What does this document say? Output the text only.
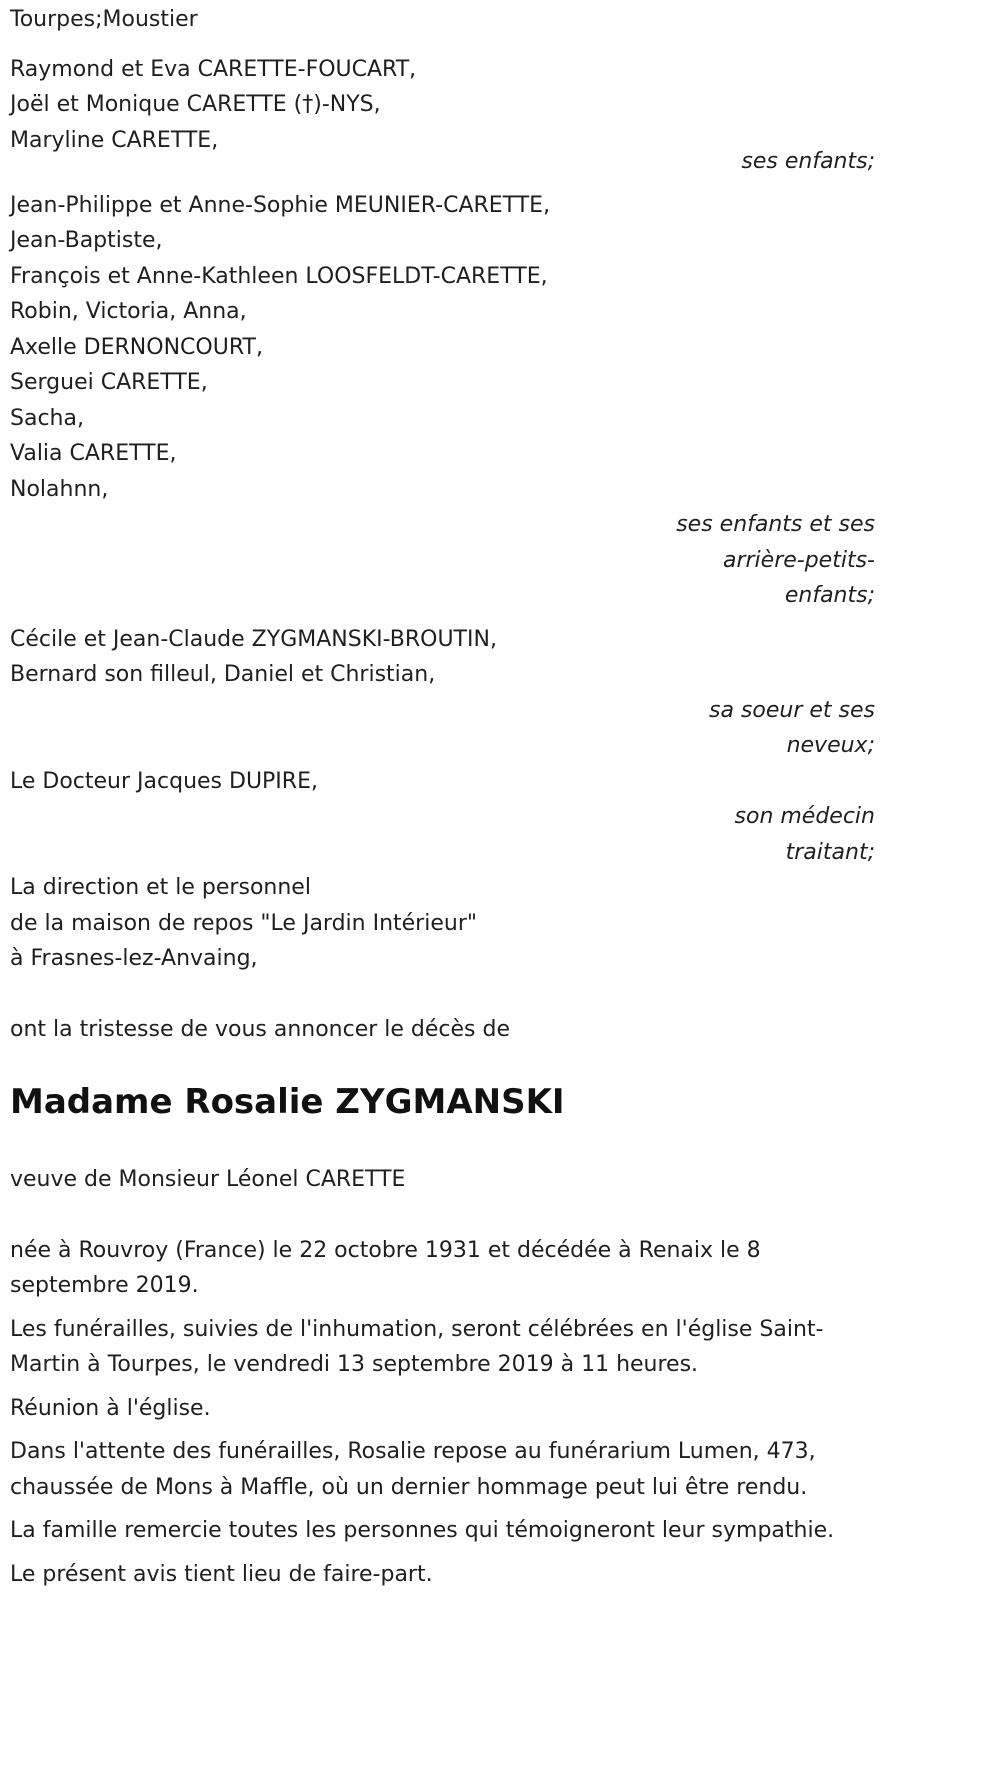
Tourpes;Moustier
Raymond et Eva CARETTE-FOUCART,
Joël et Monique CARETTE (†)-NYS,
Maryline CARETTE,
ses enfants;
Jean-Philippe et Anne-Sophie MEUNIER-CARETTE,
Jean-Baptiste,
François et Anne-Kathleen LOOSFELDT-CARETTE,
Robin, Victoria, Anna,
Axelle DERNONCOURT,
Serguei CARETTE,
Sacha,
Valia CARETTE,
Nolahnn,
ses enfants et ses
arrière-petits-
enfants;
Cécile et Jean-Claude ZYGMANSKI-BROUTIN,
Bernard son filleul, Daniel et Christian,
sa soeur et ses
neveux;
Le Docteur Jacques DUPIRE,
son médecin
traitant;
La direction et le personnel
de la maison de repos "Le Jardin Intérieur"
à Frasnes-lez-Anvaing,
ont la tristesse de vous annoncer le décès de
Madame Rosalie ZYGMANSKI
veuve de Monsieur Léonel CARETTE
née à Rouvroy (France) le 22 octobre 1931 et décédée à Renaix le 8 septembre 2019.
Les funérailles, suivies de l'inhumation, seront célébrées en l'église Saint-Martin à Tourpes, le vendredi 13 septembre 2019 à 11 heures.
Réunion à l'église.
Dans l'attente des funérailles, Rosalie repose au funérarium Lumen, 473, chaussée de Mons à Maffle, où un dernier hommage peut lui être rendu.
La famille remercie toutes les personnes qui témoigneront leur sympathie.
Le présent avis tient lieu de faire-part.
